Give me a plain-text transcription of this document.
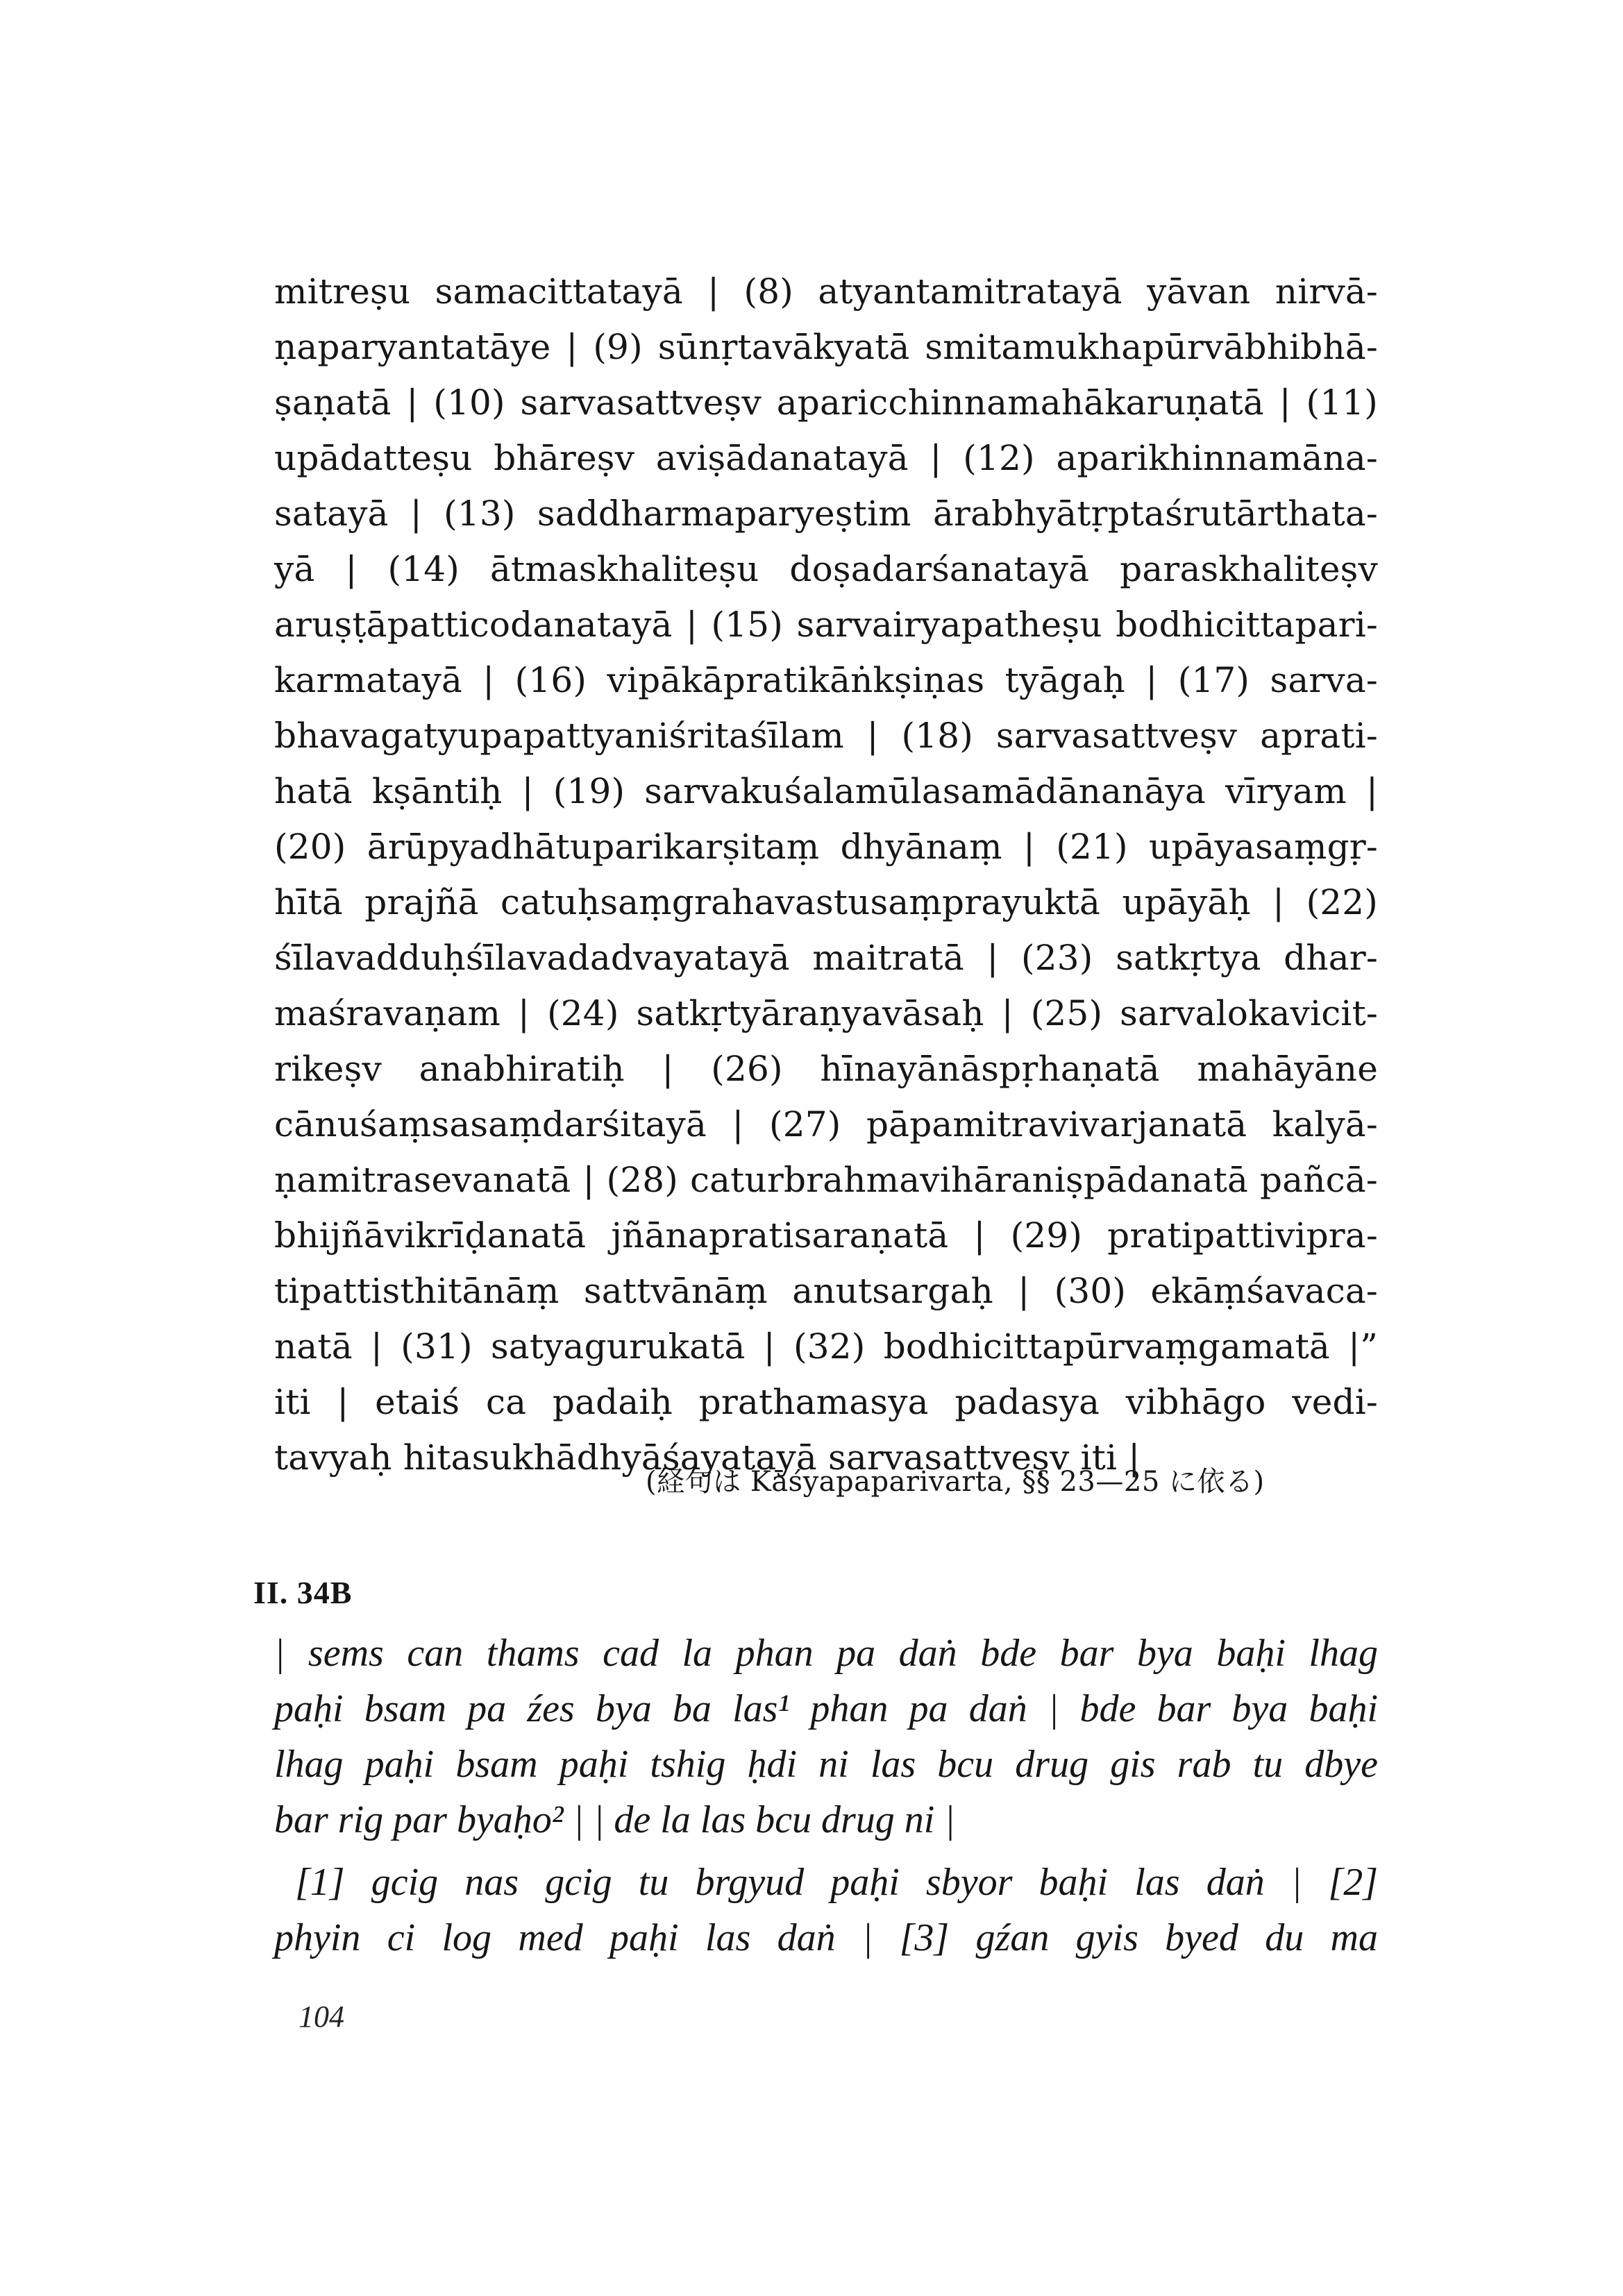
mitreṣu samacittatayā | (8) atyantamitratayā yāvan nirvā-
ṇaparyantatāye | (9) sūnṛtavākyatā smitamukhapūrvābhibhā-
ṣaṇatā | (10) sarvasattveṣv aparicchinnamahākaruṇatā | (11)
upādatteṣu bhāreṣv aviṣādanatayā | (12) aparikhinnamāna-
satayā | (13) saddharmaparyeṣtim ārabhyātṛptaśrutārthata-
yā | (14) ātmaskhaliteṣu doṣadarśanatayā paraskhaliteṣv
aruṣṭāpatticodanatayā | (15) sarvairyapatheṣu bodhicittapari-
karmatayā | (16) vipākāpratikāṅkṣiṇas tyāgaḥ | (17) sarva-
bhavagatyupapattyaniśritaśīlam | (18) sarvasattveṣv aprati-
hatā kṣāntiḥ | (19) sarvakuśalamūlasamādānanāya vīryam |
(20) ārūpyadhātuparikarṣitaṃ dhyānaṃ | (21) upāyasaṃgṛ-
hītā prajñā catuḥsaṃgrahavastusaṃprayuktā upāyāḥ | (22)
śīlavadduḥśīlavadadvayatayā maitratā | (23) satkṛtya dhar-
maśravaṇam | (24) satkṛtyāraṇyavāsaḥ | (25) sarvalokavicit-
rikeṣv anabhiratiḥ | (26) hīnayānāspṛhaṇatā mahāyāne
cānuśaṃsasaṃdarśitayā | (27) pāpamitravivarjanatā kalyā-
ṇamitrasevanatā | (28) caturbrahmavihāraniṣpādanatā pañcā-
bhijñāvikrīḍanatā jñānapratisaraṇatā | (29) pratipattivipra-
tipattisthitānāṃ sattvānāṃ anutsargaḥ | (30) ekāṃśavaca-
natā | (31) satyagurukatā | (32) bodhicittapūrvaṃgamatā |”
iti | etaiś ca padaiḥ prathamasya padasya vibhāgo vedi-
tavyaḥ hitasukhādhyāśayatayā sarvasattveṣv iti |
(経句は Kāśyapaparivarta, §§ 23—25 に依る)
II. 34B
| sems can thams cad la phan pa daṅ bde bar bya baḥi lhag
paḥi bsam pa źes bya ba las¹ phan pa daṅ | bde bar bya baḥi
lhag paḥi bsam paḥi tshig ḥdi ni las bcu drug gis rab tu dbye
bar rig par byaḥo² | | de la las bcu drug ni |
[1] gcig nas gcig tu brgyud paḥi sbyor baḥi las daṅ | [2]
phyin ci log med paḥi las daṅ | [3] gźan gyis byed du ma
104
